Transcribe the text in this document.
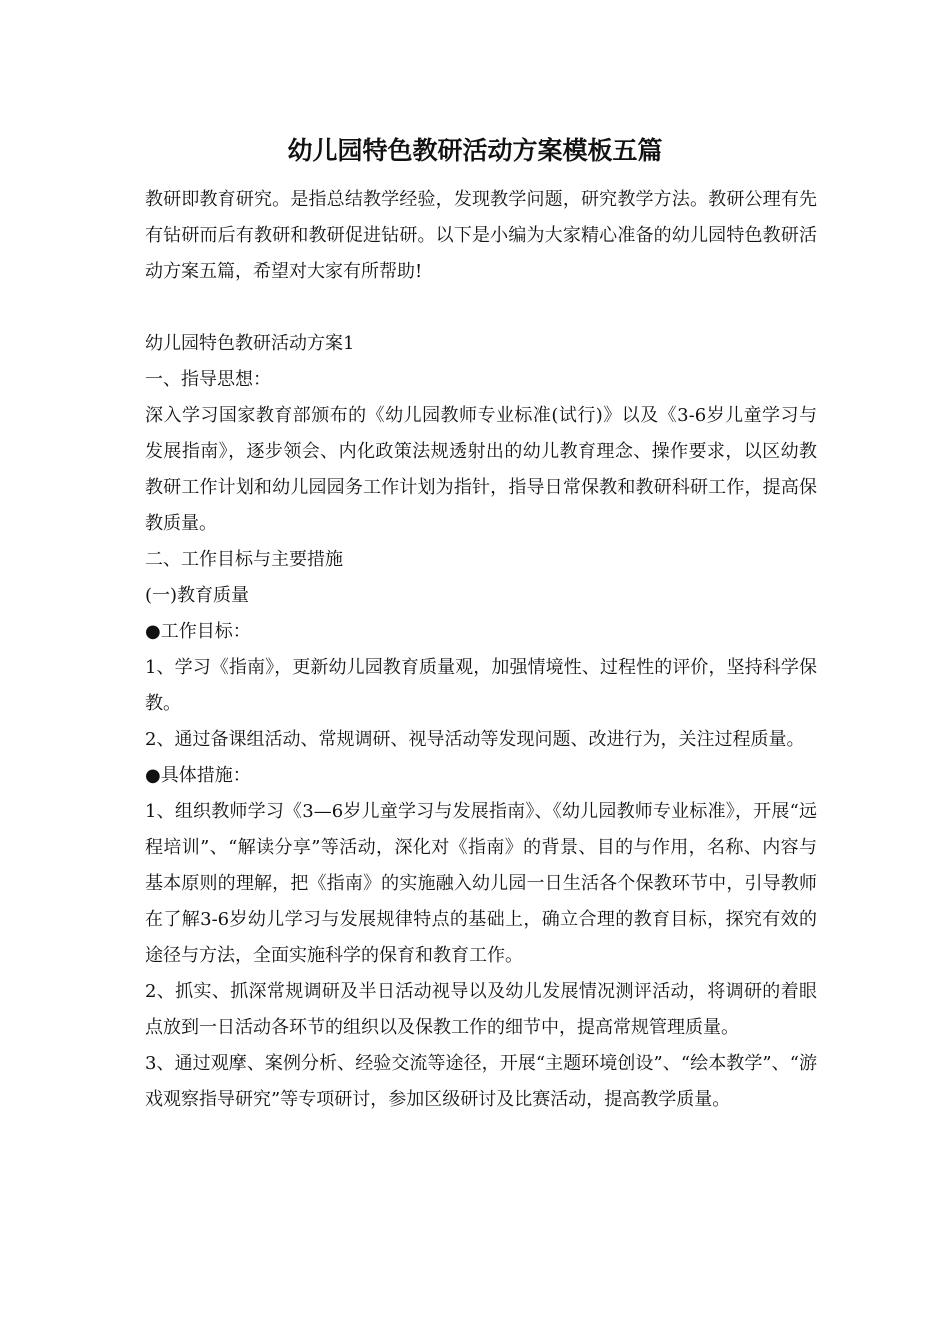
幼儿园特色教研活动方案模板五篇

教研即教育研究。是指总结教学经验，发现教学问题，研究教学方法。教研公理有先有钻研而后有教研和教研促进钻研。以下是小编为大家精心准备的幼儿园特色教研活动方案五篇，希望对大家有所帮助!

幼儿园特色教研活动方案1

一、指导思想：

深入学习国家教育部颁布的《幼儿园教师专业标准(试行)》以及《3-6岁儿童学习与发展指南》，逐步领会、内化政策法规透射出的幼儿教育理念、操作要求，以区幼教教研工作计划和幼儿园园务工作计划为指针，指导日常保教和教研科研工作，提高保教质量。

二、工作目标与主要措施

(一)教育质量

●工作目标：

1、学习《指南》，更新幼儿园教育质量观，加强情境性、过程性的评价，坚持科学保教。

2、通过备课组活动、常规调研、视导活动等发现问题、改进行为，关注过程质量。

●具体措施：

1、组织教师学习《3—6岁儿童学习与发展指南》、《幼儿园教师专业标准》，开展“远程培训”、“解读分享”等活动，深化对《指南》的背景、目的与作用，名称、内容与基本原则的理解，把《指南》的实施融入幼儿园一日生活各个保教环节中，引导教师在了解3-6岁幼儿学习与发展规律特点的基础上，确立合理的教育目标，探究有效的途径与方法，全面实施科学的保育和教育工作。

2、抓实、抓深常规调研及半日活动视导以及幼儿发展情况测评活动，将调研的着眼点放到一日活动各环节的组织以及保教工作的细节中，提高常规管理质量。

3、通过观摩、案例分析、经验交流等途径，开展“主题环境创设”、“绘本教学”、“游戏观察指导研究”等专项研讨，参加区级研讨及比赛活动，提高教学质量。
